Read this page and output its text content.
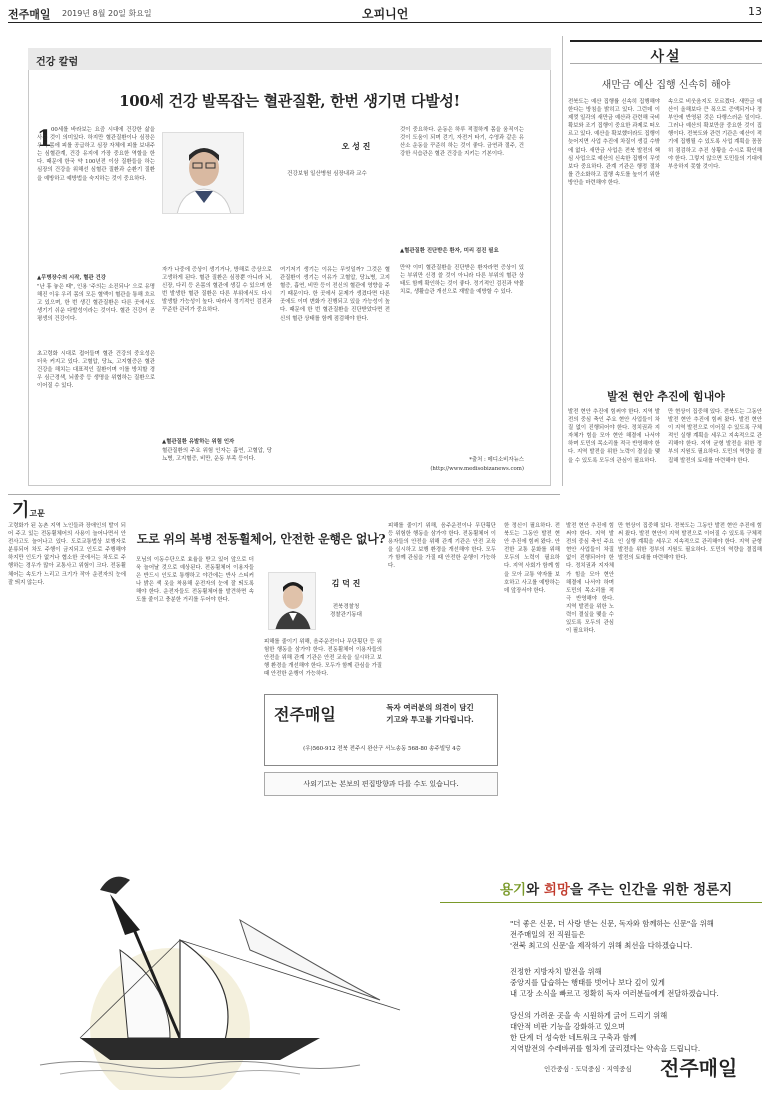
전주매일 2019년 8월 20일 화요일	오피니언	13
건강 칼럼
100세 건강 발목잡는 혈관질환, 한번 생기면 다발성!
오 성 진
건강보험 일산병원 심장내과 교수
1
00세를 바라보는 요즘 시대에 건강한 삶을 사는 것이 의미있다. 하지만 혈관질환이나 심장은 우리 몸에 피를 공급하고 심장 자체에 피를 보내주는 심혈관계, 건강 유지에 가장 중요한 역할을 한다. 때문에 한국 약 100년전 이상 질환들을 하는 심장의 건강을 위해선 심혈관 질환과 순환기 질환을 예방하고 예방법을 숙지하는 것이 중요하다.
▲무병장수의 시작, 혈관 건강
"난 휴 놓은 때", 인용 '주의는 소진되나' 으로 유명해진 이유 우리 몸의 모든 혈액이 혈관을 통해 흐르고 있으며, 한 번 생긴 혈관질환은 다른 곳에서도 생기기 쉬운 다발성이라는 것이다. 혈관 건강이 곧 평생의 건강이다.
초고령화 시대로 접어들며 혈관 건강의 중요성은 더욱 커지고 있다. 고혈압, 당뇨, 고지혈증은 혈관 건강을 해치는 대표적인 질환이며 이를 방치할 경우 심근경색, 뇌졸중 등 생명을 위협하는 질환으로 이어질 수 있다.
자가 나중에 증상이 생기거나, 방해로 증상으로 고생하게 된다. 혈관 질환은 심장뿐 아니라 뇌, 신장, 다리 등 온몸의 혈관에 생길 수 있으며 한 번 발생한 혈관 질환은 다른 부위에서도 다시 발생할 가능성이 높다. 따라서 정기적인 검진과 꾸준한 관리가 중요하다.
▲혈관질환 유발하는 위험 인자
혈관질환의 주요 위험 인자는 흡연, 고혈압, 당뇨병, 고지혈증, 비만, 운동 부족 등이다.
여기저기 생기는 이유는 무엇일까? 그것은 혈관질환이 생기는 이유가 고혈압, 당뇨병, 고지혈증, 흡연, 비만 등이 전신의 혈관에 영향을 주기 때문이다. 한 곳에서 문제가 생겼다면 다른 곳에도 이미 변화가 진행되고 있을 가능성이 높다. 때문에 한 번 혈관질환을 진단받았다면 전신의 혈관 상태를 함께 점검해야 한다.
것이 중요하다. 운동은 하루 적절하게 몸을 움직이는 것이 도움이 되며 걷기, 자전거 타기, 수영과 같은 유산소 운동을 꾸준히 하는 것이 좋다. 금연과 절주, 건강한 식습관은 혈관 건강을 지키는 기본이다.
▲혈관질환 진단받은 환자, 미리 검진 필요
만약 이미 혈관질환을 진단받은 환자라면 증상이 있는 부위만 신경 쓸 것이 아니라 다른 부위의 혈관 상태도 함께 확인하는 것이 좋다. 정기적인 검진과 약물 치료, 생활습관 개선으로 재발을 예방할 수 있다.
*출처 : 메디소비자뉴스
(http://www.medisobizanews.com)
사설
새만금 예산 집행 신속히 해야
전북도는 예산 집행률 신속히 집행해야 한다는 방침을 밝히고 있다. 그런데 이제껏 일각의 새만금 예산과 관련해 국비 확보와 조기 집행이 중요한 과제로 떠오르고 있다. 예산을 확보했더라도 집행이 늦어지면 사업 추진에 차질이 생길 수밖에 없다. 새만금 사업은 전북 발전의 핵심 사업으로 예산의 신속한 집행이 무엇보다 중요하다. 관계 기관은 행정 절차를 간소화하고 집행 속도를 높이기 위한 방안을 마련해야 한다.
속으로 비웃음지도 모르겠다. 새만금 예산이 올해보다 큰 폭으로 증액되거나 정부안에 반영된 것은 다행스러운 일이다. 그러나 예산의 확보만큼 중요한 것이 집행이다. 전북도와 관련 기관은 예산이 적기에 집행될 수 있도록 사업 계획을 꼼꼼히 점검하고 추진 상황을 수시로 확인해야 한다. 그렇지 않으면 도민들의 기대에 부응하지 못할 것이다.
발전 현안 추진에 힘내야
발전 현안 추진에 힘써야 한다. 지역 발전의 중심 축인 주요 현안 사업들이 차질 없이 진행되어야 한다. 정치권과 지자체가 힘을 모아 현안 해결에 나서야 하며 도민의 목소리를 적극 반영해야 한다. 지역 발전을 위한 노력이 결실을 맺을 수 있도록 모두의 관심이 필요하다.
만 현상이 집중해 있다. 전북도는 그동안 발전 현안 추진에 힘써 왔다. 발전 현안이 지역 발전으로 이어질 수 있도록 구체적인 실행 계획을 세우고 지속적으로 관리해야 한다. 지역 균형 발전을 위한 정부의 지원도 필요하다. 도민의 역량을 결집해 발전의 토대를 마련해야 한다.
기고문
고령화가 된 농촌 지역 노인들과 장애인의 발이 되어 주고 있는 전동휠체어의 사용이 늘어나면서 안전사고도 늘어나고 있다. 도로교통법상 보행자로 분류되어 차도 주행이 금지되고 인도로 주행해야 하지만 인도가 없거나 협소한 곳에서는 차도로 주행하는 경우가 많아 교통사고 위험이 크다. 전동휠체어는 속도가 느리고 크기가 작아 운전자의 눈에 잘 띄지 않는다.
도로 위의 복병 전동휠체어, 안전한 운행은 없나?
모님의 이동수단으로 효율을 받고 있어 앞으로 더욱 늘어날 것으로 예상된다. 전동휠체어 이용자들은 반드시 인도로 통행하고 야간에는 반사 스티커나 밝은 색 옷을 착용해 운전자의 눈에 잘 띄도록 해야 한다. 운전자들도 전동휠체어를 발견하면 속도를 줄이고 충분한 거리를 두어야 한다.
김 덕 진
전북경찰청
경찰관기동대
피해를 줄이기 위해, 음주운전이나 무단횡단 등 위험한 행동을 삼가야 한다. 전동휠체어 이용자들의 안전을 위해 관계 기관은 안전 교육을 실시하고 보행 환경을 개선해야 한다. 모두가 함께 관심을 가질 때 안전한 운행이 가능하다.
피해를 줄이기 위해, 음주운전이나 무단횡단 등 위험한 행동을 삼가야 한다. 전동휠체어 이용자들의 안전을 위해 관계 기관은 안전 교육을 실시하고 보행 환경을 개선해야 한다. 모두가 함께 관심을 가질 때 안전한 운행이 가능하다.
전주매일	독자 여러분의 의견이 담긴
기고와 투고를 기다립니다.
(우)560-912 전북 전주시 완산구 서노송동 568-80 송주빌딩 4층
사외기고는 본보의 편집방향과 다를 수도 있습니다.
한 정신이 필요하다. 전북도는 그동안 발전 현안 추진에 힘써 왔다. 안전한 교통 문화를 위해 모두의 노력이 필요하다. 지역 사회가 함께 힘을 모아 교통 약자를 보호하고 사고를 예방하는 데 앞장서야 한다.
만 현상이 집중해 있다. 전북도는 그동안 발전 현안 추진에 힘써 왔다. 발전 현안이 지역 발전으로 이어질 수 있도록 구체적인 실행 계획을 세우고 지속적으로 관리해야 한다. 지역 균형 발전을 위한 정부의 지원도 필요하다. 도민의 역량을 결집해 발전의 토대를 마련해야 한다.
발전 현안 추진에 힘써야 한다. 지역 발전의 중심 축인 주요 현안 사업들이 차질 없이 진행되어야 한다. 정치권과 지자체가 힘을 모아 현안 해결에 나서야 하며 도민의 목소리를 적극 반영해야 한다. 지역 발전을 위한 노력이 결실을 맺을 수 있도록 모두의 관심이 필요하다.
용기와 희망을 주는 인간을 위한 정론지
"더 좋은 신문, 더 사랑 받는 신문, 독자와 함께하는 신문"을 위해
전주매일의 전 직원들은
'전북 최고의 신문'을 제작하기 위해 최선을 다하겠습니다.
진정한 지방자치 발전을 위해
중앙지를 답습하는 행태를 벗어나 보다 깊이 있게
내 고장 소식을 빠르고 정확히 독자 여러분들에게 전달하겠습니다.
당신의 가려운 곳을 속 시원하게 긁어 드리기 위해
대안적 비판 기능을 강화하고 있으며
한 단계 더 성숙한 네트워크 구축과 함께
지역발전의 수레바퀴를 힘차게 굴리겠다는 약속을 드립니다.
인간중심 · 도덕중심 · 지역중심 전주매일
